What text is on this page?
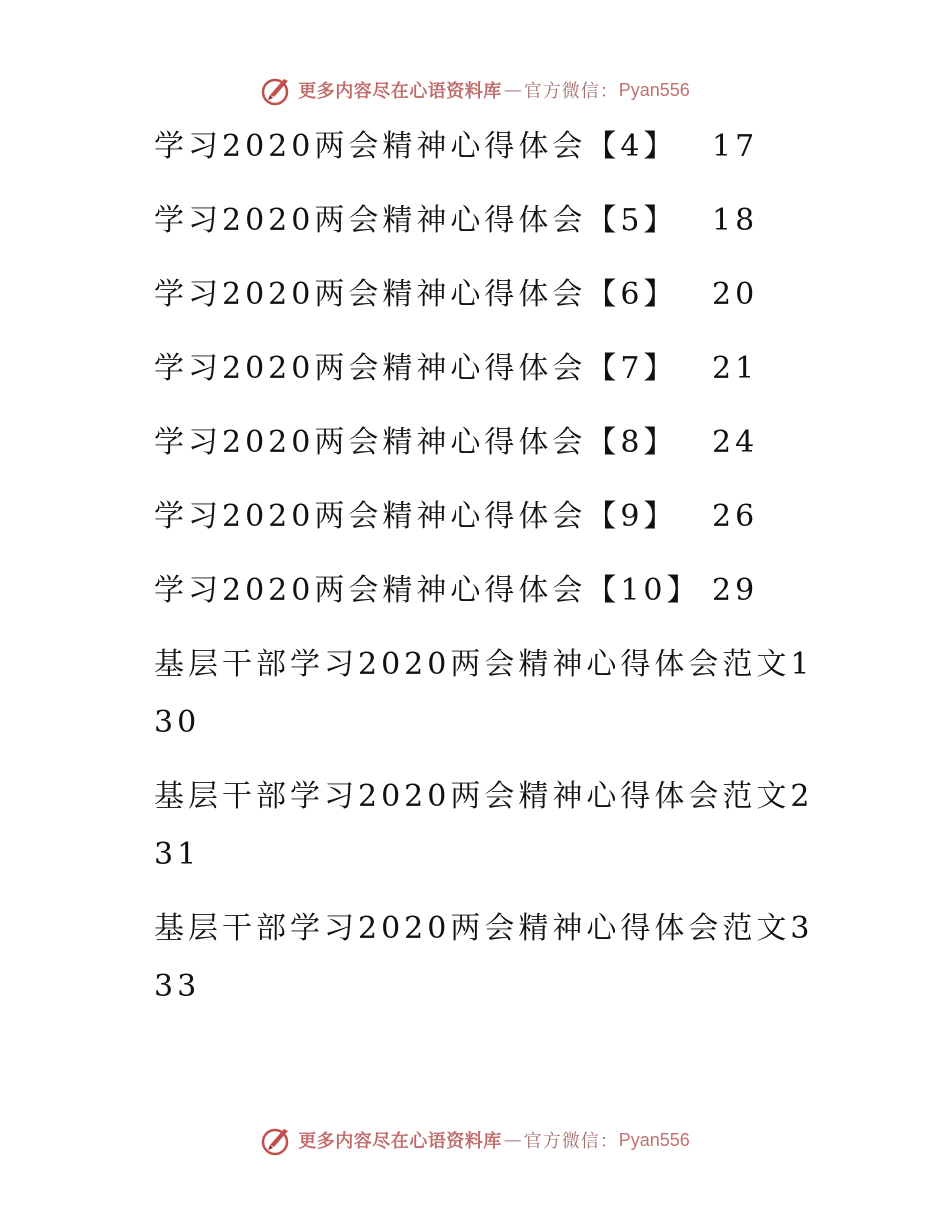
更多内容尽在心语资料库 — 官方微信： Pyan556
学习2020两会精神心得体会【4】 17
学习2020两会精神心得体会【5】 18
学习2020两会精神心得体会【6】 20
学习2020两会精神心得体会【7】 21
学习2020两会精神心得体会【8】 24
学习2020两会精神心得体会【9】 26
学习2020两会精神心得体会【10】 29
基层干部学习2020两会精神心得体会范文1
30
基层干部学习2020两会精神心得体会范文2
31
基层干部学习2020两会精神心得体会范文3
33
更多内容尽在心语资料库 — 官方微信： Pyan556
